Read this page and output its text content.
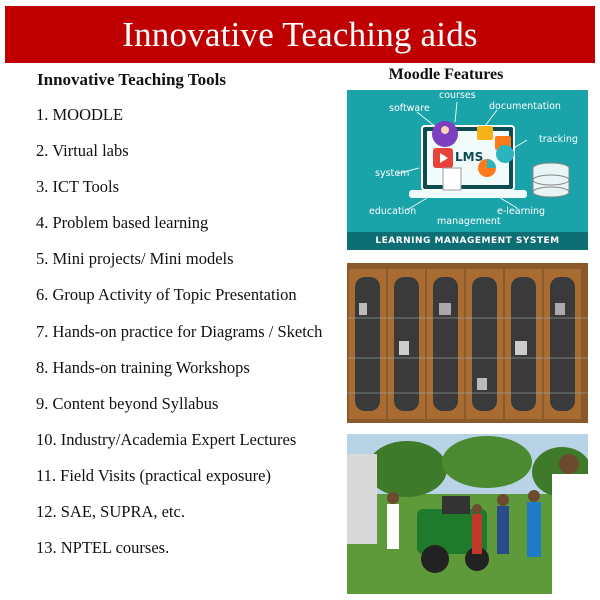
Innovative Teaching aids
Innovative Teaching Tools
1. MOODLE
2. Virtual labs
3. ICT Tools
4. Problem based learning
5. Mini projects/ Mini models
6. Group Activity of Topic Presentation
7. Hands-on practice for Diagrams / Sketch
8. Hands-on training Workshops
9. Content beyond Syllabus
10. Industry/Academia Expert Lectures
11. Field Visits (practical exposure)
12. SAE, SUPRA, etc.
13. NPTEL courses.
Moodle Features
courses
software	documentation
tracking
system
LMS
education	e-learning
management
LEARNING MANAGEMENT SYSTEM
